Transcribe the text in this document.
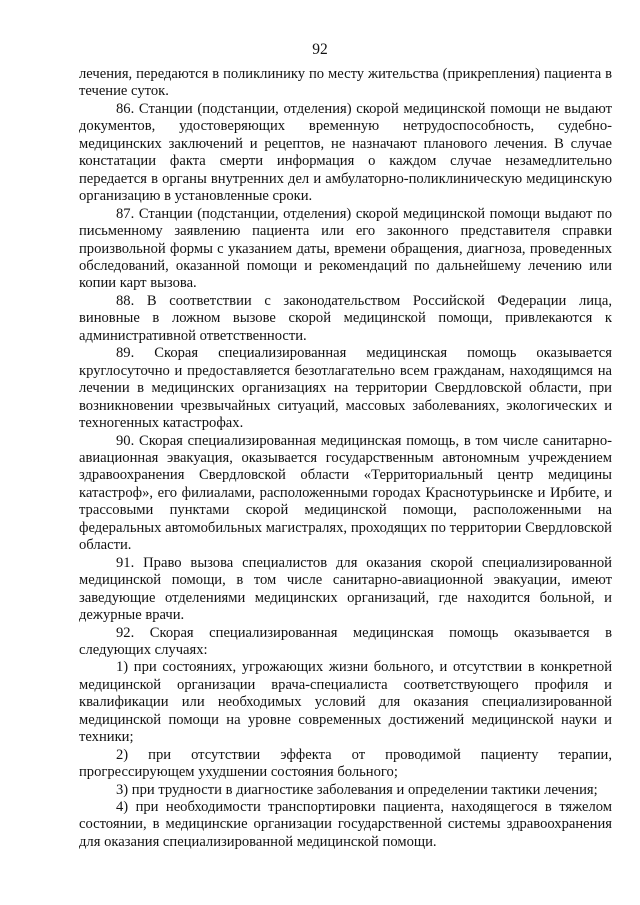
92

лечения, передаются в поликлинику по месту жительства (прикрепления) пациента в течение суток.

86. Станции (подстанции, отделения) скорой медицинской помощи не выдают документов, удостоверяющих временную нетрудоспособность, судебно-медицинских заключений и рецептов, не назначают планового лечения. В случае констатации факта смерти информация о каждом случае незамедлительно передается в органы внутренних дел и амбулаторно-поликлиническую медицинскую организацию в установленные сроки.

87. Станции (подстанции, отделения) скорой медицинской помощи выдают по письменному заявлению пациента или его законного представителя справки произвольной формы с указанием даты, времени обращения, диагноза, проведенных обследований, оказанной помощи и рекомендаций по дальнейшему лечению или копии карт вызова.

88. В соответствии с законодательством Российской Федерации лица, виновные в ложном вызове скорой медицинской помощи, привлекаются к административной ответственности.

89. Скорая специализированная медицинская помощь оказывается круглосуточно и предоставляется безотлагательно всем гражданам, находящимся на лечении в медицинских организациях на территории Свердловской области, при возникновении чрезвычайных ситуаций, массовых заболеваниях, экологических и техногенных катастрофах.

90. Скорая специализированная медицинская помощь, в том числе санитарно-авиационная эвакуация, оказывается государственным автономным учреждением здравоохранения Свердловской области «Территориальный центр медицины катастроф», его филиалами, расположенными городах Краснотурьинске и Ирбите, и трассовыми пунктами скорой медицинской помощи, расположенными на федеральных автомобильных магистралях, проходящих по территории Свердловской области.

91. Право вызова специалистов для оказания скорой специализированной медицинской помощи, в том числе санитарно-авиационной эвакуации, имеют заведующие отделениями медицинских организаций, где находится больной, и дежурные врачи.

92. Скорая специализированная медицинская помощь оказывается в следующих случаях:

1) при состояниях, угрожающих жизни больного, и отсутствии в конкретной медицинской организации врача-специалиста соответствующего профиля и квалификации или необходимых условий для оказания специализированной медицинской помощи на уровне современных достижений медицинской науки и техники;

2) при отсутствии эффекта от проводимой пациенту терапии, прогрессирующем ухудшении состояния больного;

3) при трудности в диагностике заболевания и определении тактики лечения;

4) при необходимости транспортировки пациента, находящегося в тяжелом состоянии, в медицинские организации государственной системы здравоохранения для оказания специализированной медицинской помощи.
